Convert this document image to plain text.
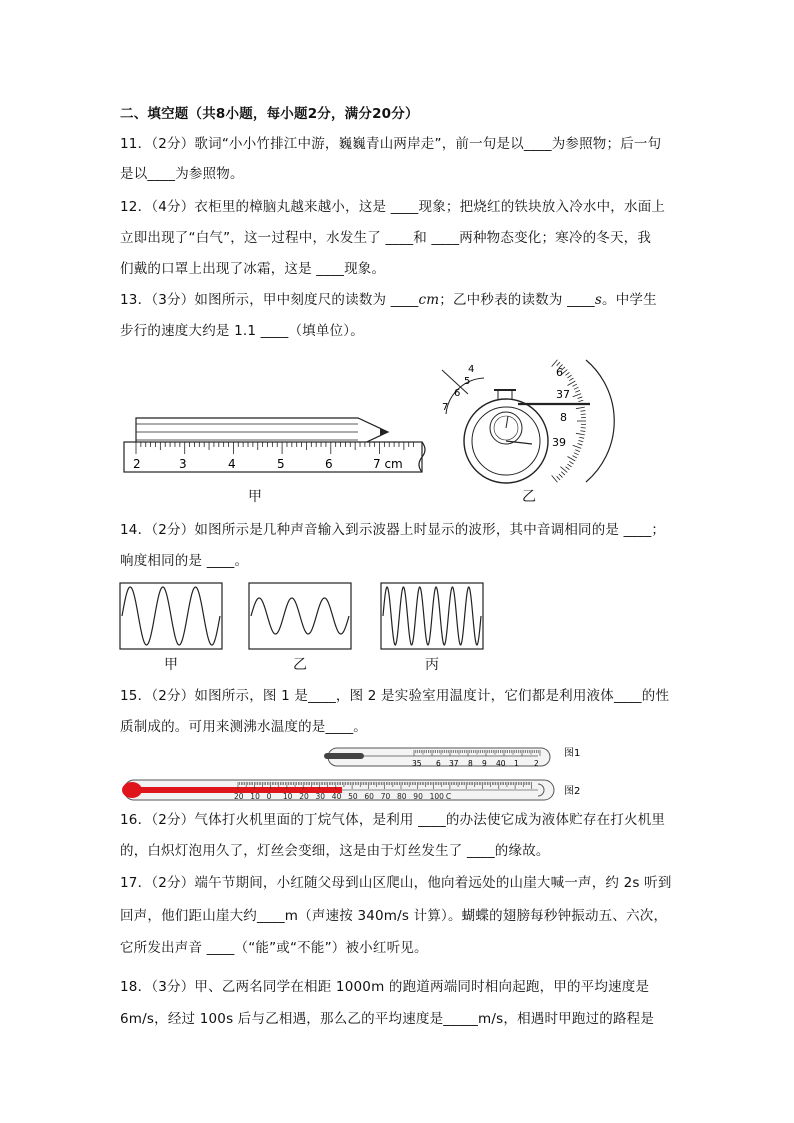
二、填空题（共8小题，每小题2分，满分20分）
11．（2分）歌词“小小竹排江中游，巍巍青山两岸走”，前一句是以____为参照物；后一句
是以____为参照物。
12．（4分）衣柜里的樟脑丸越来越小，这是 ____现象；把烧红的铁块放入冷水中，水面上
立即出现了“白气”，这一过程中，水发生了 ____和 ____两种物态变化；寒冷的冬天，我
们戴的口罩上出现了冰霜，这是 ____现象。
13．（3分）如图所示，甲中刻度尺的读数为 ____cm；乙中秒表的读数为 ____s。中学生
步行的速度大约是 1.1 ____（填单位）。
2	3	4	5	6	7 cm
甲
4
5
6
7
6
37
8
39
乙
14．（2分）如图所示是几种声音输入到示波器上时显示的波形，其中音调相同的是 ____；
响度相同的是 ____。
甲	乙	丙
15．（2分）如图所示，图 1 是____，图 2 是实验室用温度计，它们都是利用液体____的性
质制成的。可用来测沸水温度的是____。
35 6 37 8 9 40 1 2
图1
20 10 0 10 20 30 40 50 60 70 80 90 100 C	图2
16．（2分）气体打火机里面的丁烷气体，是利用 ____的办法使它成为液体贮存在打火机里
的，白炽灯泡用久了，灯丝会变细，这是由于灯丝发生了 ____的缘故。
17．（2分）端午节期间，小红随父母到山区爬山，他向着远处的山崖大喊一声，约 2s 听到
回声，他们距山崖大约____m（声速按 340m/s 计算）。蝴蝶的翅膀每秒钟振动五、六次，
它所发出声音 ____（“能”或“不能”）被小红听见。
18．（3分）甲、乙两名同学在相距 1000m 的跑道两端同时相向起跑，甲的平均速度是
6m/s，经过 100s 后与乙相遇，那么乙的平均速度是_____m/s，相遇时甲跑过的路程是
